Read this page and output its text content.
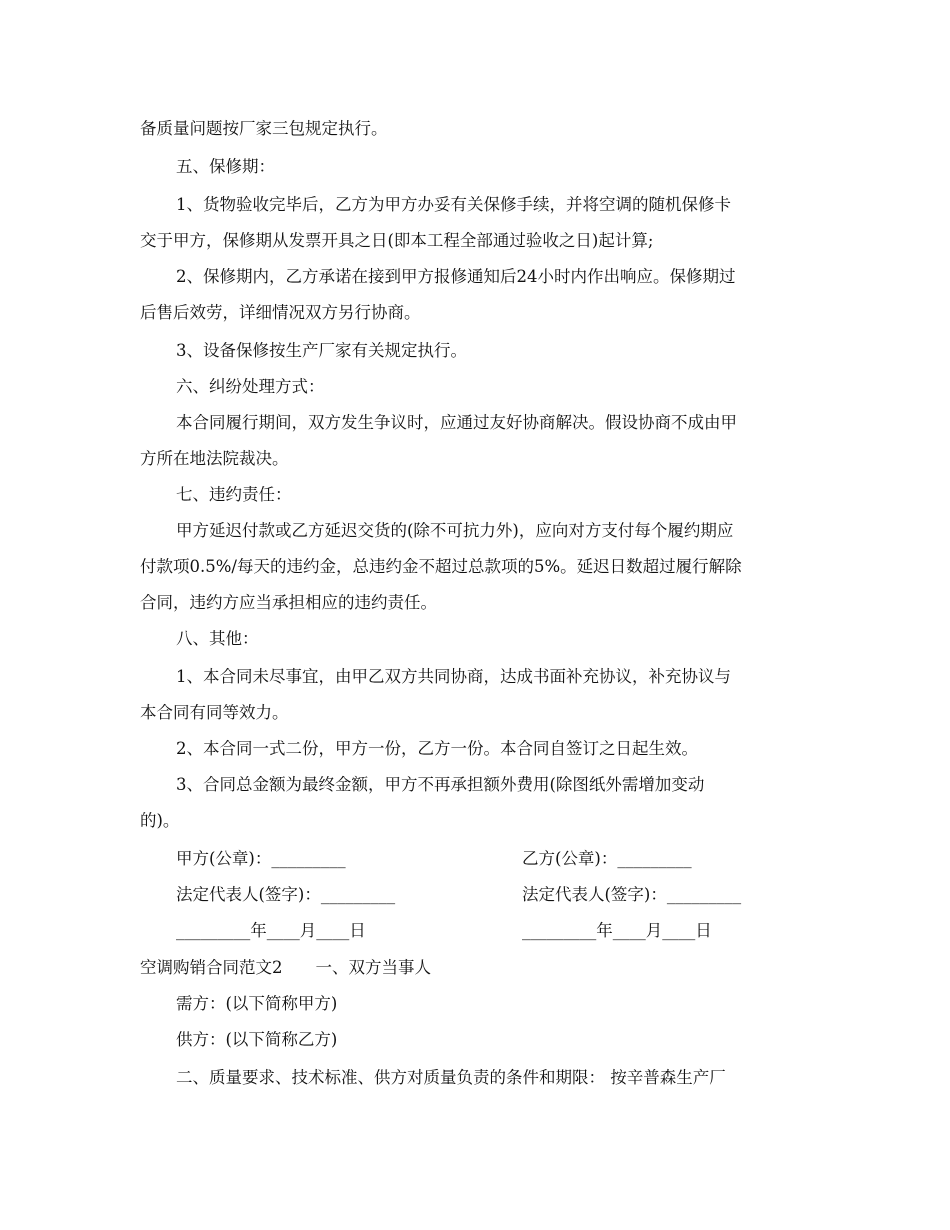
备质量问题按厂家三包规定执行。
五、保修期：
1、货物验收完毕后，乙方为甲方办妥有关保修手续，并将空调的随机保修卡
交于甲方，保修期从发票开具之日(即本工程全部通过验收之日)起计算;
2、保修期内，乙方承诺在接到甲方报修通知后24小时内作出响应。保修期过
后售后效劳，详细情况双方另行协商。
3、设备保修按生产厂家有关规定执行。
六、纠纷处理方式：
本合同履行期间，双方发生争议时，应通过友好协商解决。假设协商不成由甲
方所在地法院裁决。
七、违约责任：
甲方延迟付款或乙方延迟交货的(除不可抗力外)，应向对方支付每个履约期应
付款项0.5%/每天的违约金，总违约金不超过总款项的5%。延迟日数超过履行解除
合同，违约方应当承担相应的违约责任。
八、其他：
1、本合同未尽事宜，由甲乙双方共同协商，达成书面补充协议，补充协议与
本合同有同等效力。
2、本合同一式二份，甲方一份，乙方一份。本合同自签订之日起生效。
3、合同总金额为最终金额，甲方不再承担额外费用(除图纸外需增加变动
的)。
甲方(公章)：_________	乙方(公章)：_________
法定代表人(签字)：_________	法定代表人(签字)：_________
_________年____月____日	_________年____月____日
空调购销合同范文2　　一、双方当事人
需方：(以下简称甲方)
供方：(以下简称乙方)
二、质量要求、技术标准、供方对质量负责的条件和期限： 按辛普森生产厂
